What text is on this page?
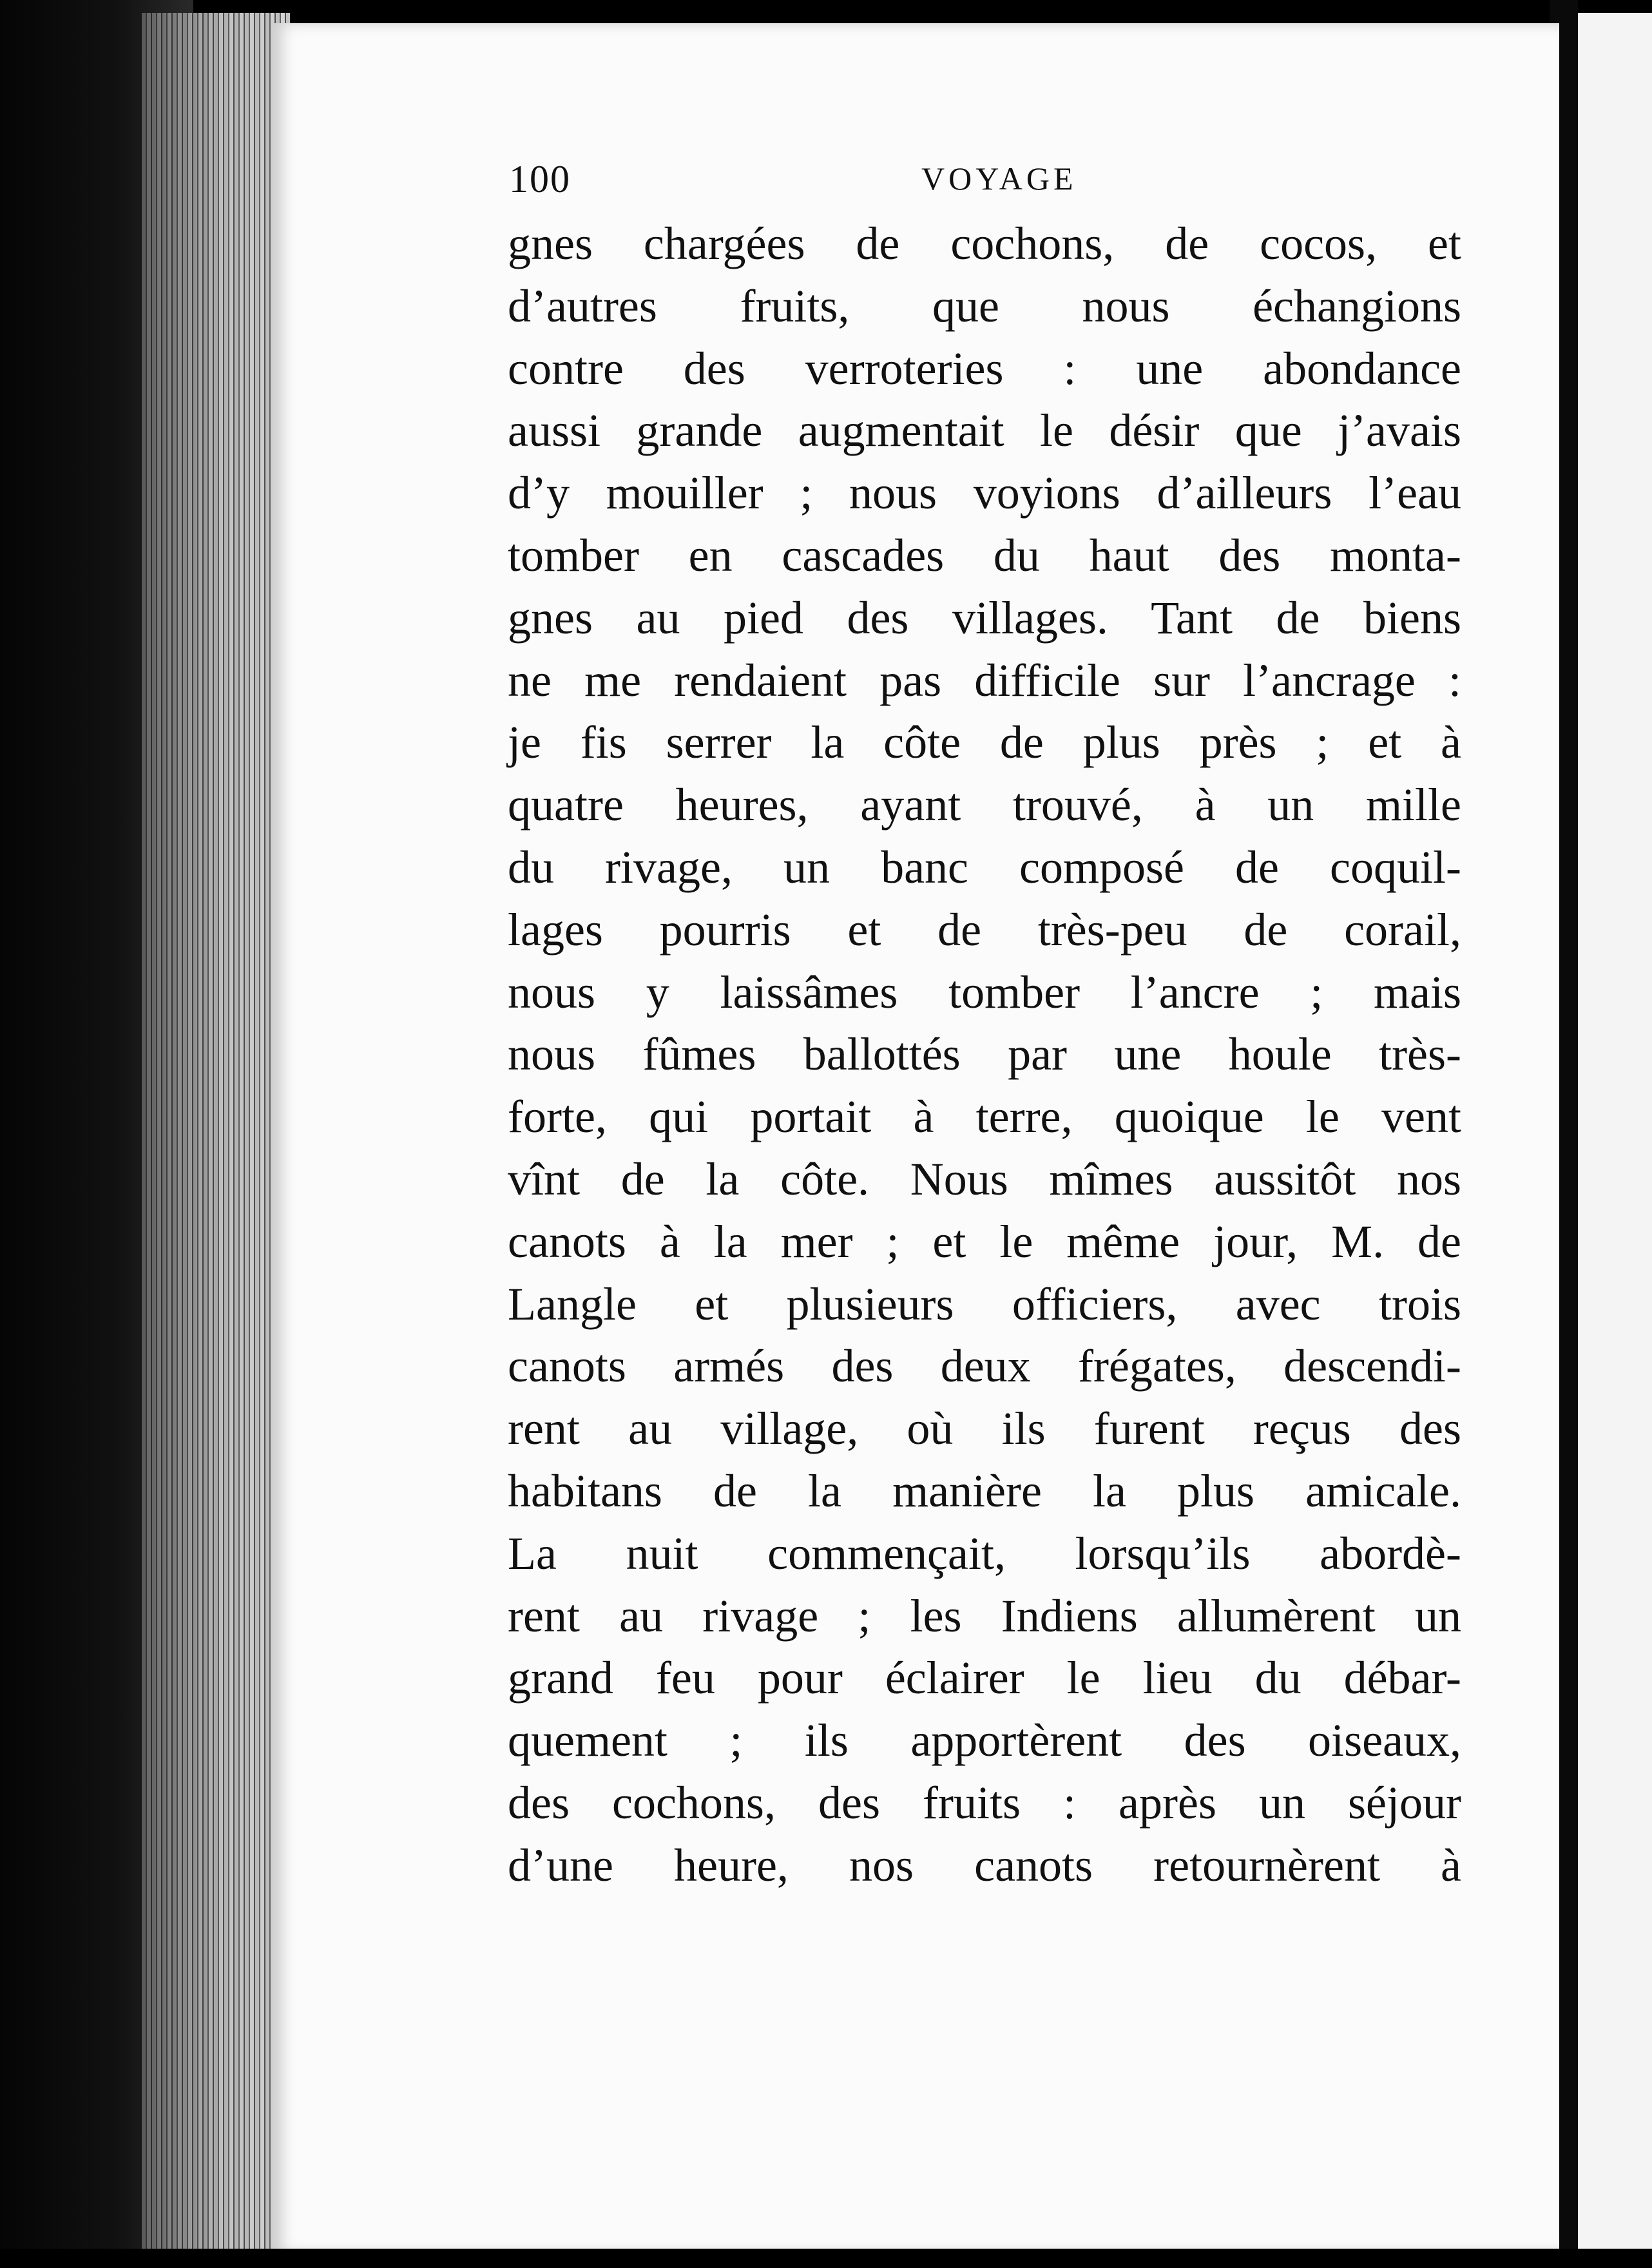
100	VOYAGE
gnes chargées de cochons, de cocos, et
d’autres fruits, que nous échangions
contre des verroteries : une abondance
aussi grande augmentait le désir que j’avais
d’y mouiller ; nous voyions d’ailleurs l’eau
tomber en cascades du haut des monta-
gnes au pied des villages. Tant de biens
ne me rendaient pas difficile sur l’ancrage :
je fis serrer la côte de plus près ; et à
quatre heures, ayant trouvé, à un mille
du rivage, un banc composé de coquil-
lages pourris et de très-peu de corail,
nous y laissâmes tomber l’ancre ; mais
nous fûmes ballottés par une houle très-
forte, qui portait à terre, quoique le vent
vînt de la côte. Nous mîmes aussitôt nos
canots à la mer ; et le même jour, M. de
Langle et plusieurs officiers, avec trois
canots armés des deux frégates, descendi-
rent au village, où ils furent reçus des
habitans de la manière la plus amicale.
La nuit commençait, lorsqu’ils abordè-
rent au rivage ; les Indiens allumèrent un
grand feu pour éclairer le lieu du débar-
quement ; ils apportèrent des oiseaux,
des cochons, des fruits : après un séjour
d’une heure, nos canots retournèrent à
